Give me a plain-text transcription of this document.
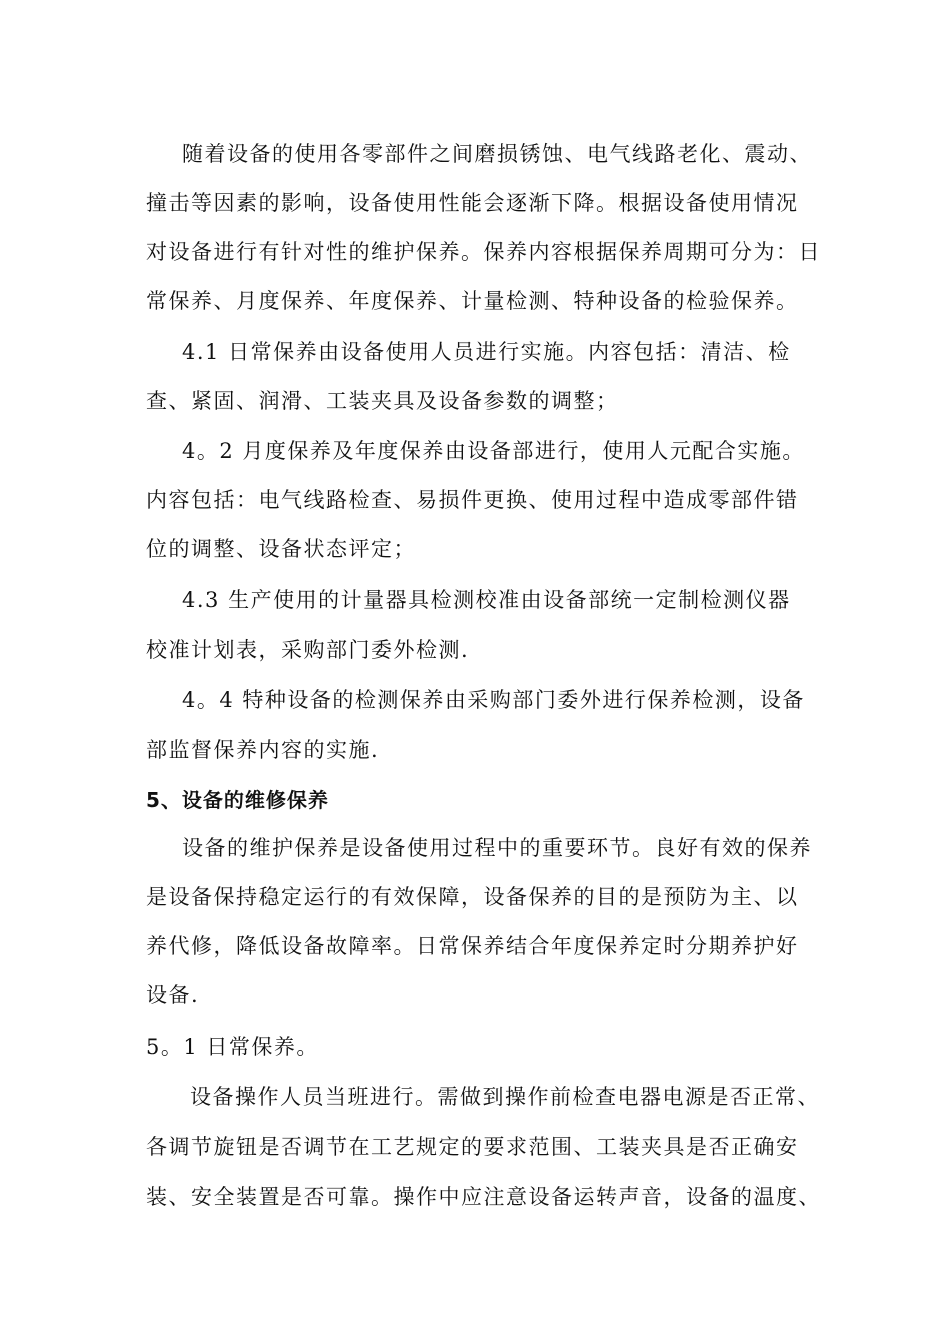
随着设备的使用各零部件之间磨损锈蚀、电气线路老化、震动、
撞击等因素的影响，设备使用性能会逐渐下降。根据设备使用情况
对设备进行有针对性的维护保养。保养内容根据保养周期可分为：日
常保养、月度保养、年度保养、计量检测、特种设备的检验保养。
4.1 日常保养由设备使用人员进行实施。内容包括：清洁、检
查、紧固、润滑、工装夹具及设备参数的调整；
4。2 月度保养及年度保养由设备部进行，使用人元配合实施。
内容包括：电气线路检查、易损件更换、使用过程中造成零部件错
位的调整、设备状态评定；
4.3 生产使用的计量器具检测校准由设备部统一定制检测仪器
校准计划表，采购部门委外检测.
4。4 特种设备的检测保养由采购部门委外进行保养检测，设备
部监督保养内容的实施.
5、设备的维修保养
设备的维护保养是设备使用过程中的重要环节。良好有效的保养
是设备保持稳定运行的有效保障，设备保养的目的是预防为主、以
养代修，降低设备故障率。日常保养结合年度保养定时分期养护好
设备.
5。1 日常保养。
设备操作人员当班进行。需做到操作前检查电器电源是否正常、
各调节旋钮是否调节在工艺规定的要求范围、工装夹具是否正确安
装、安全装置是否可靠。操作中应注意设备运转声音，设备的温度、
